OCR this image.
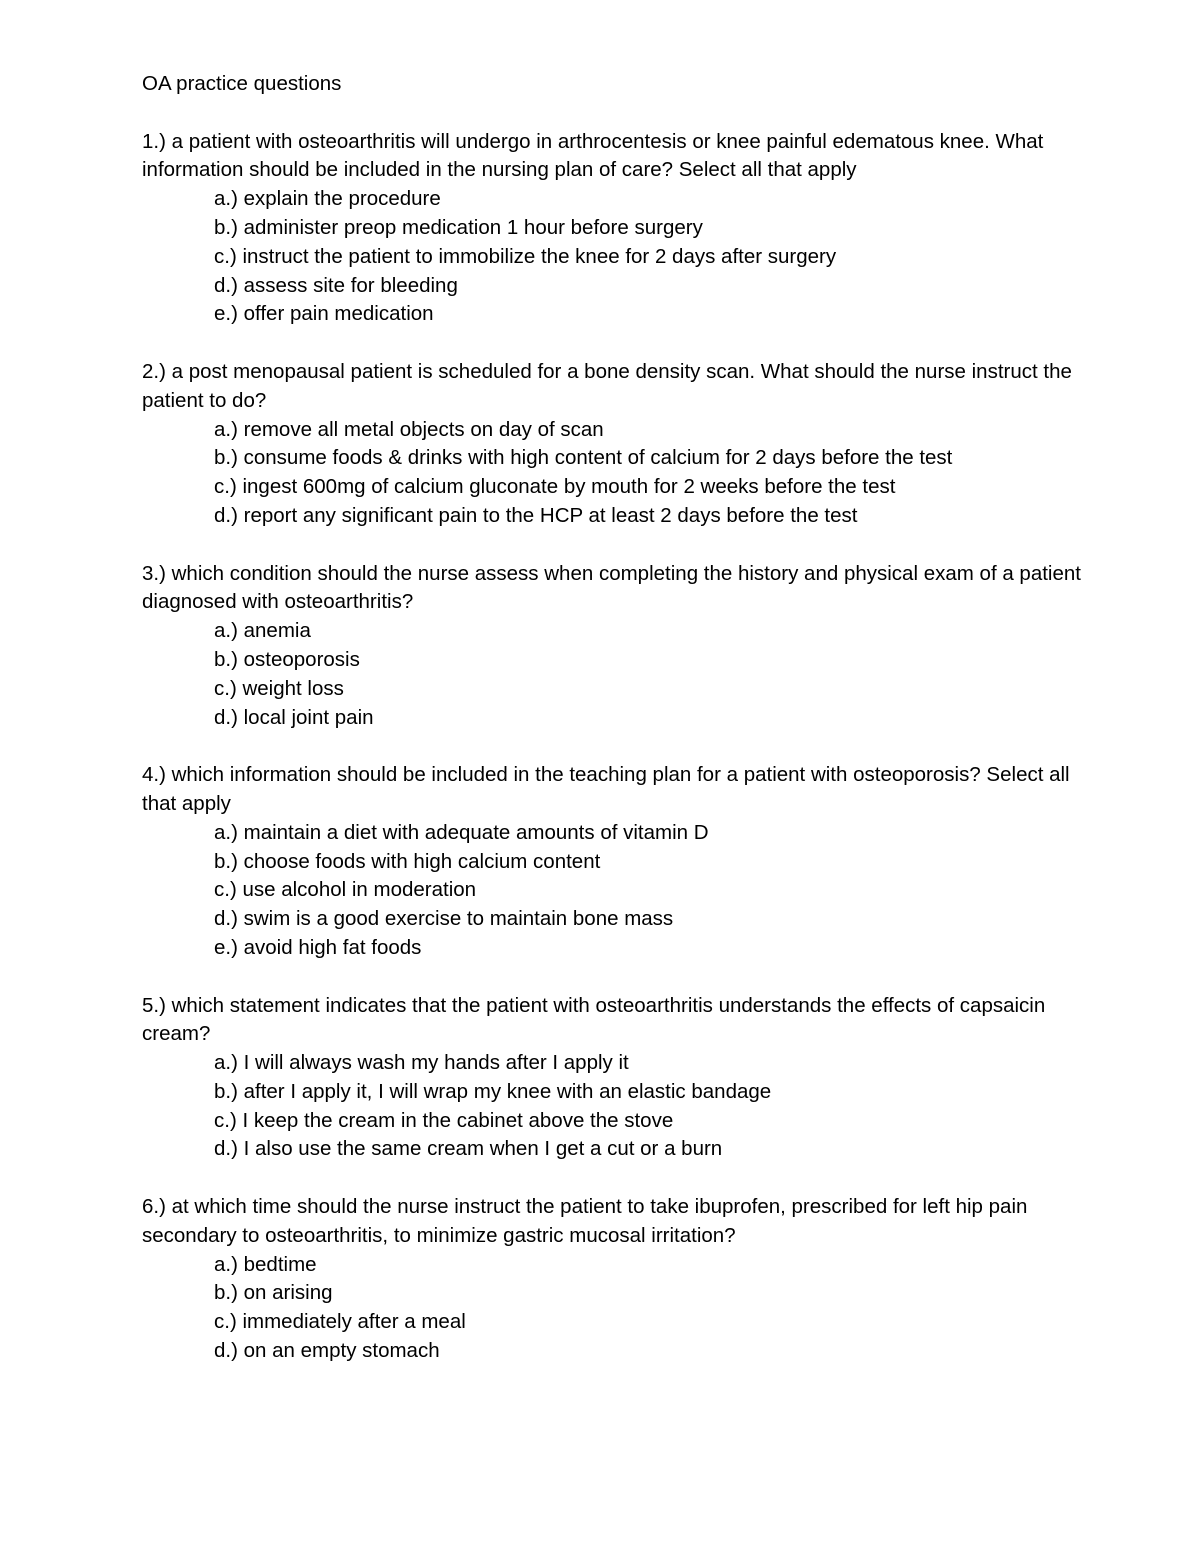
OA practice questions

1.) a patient with osteoarthritis will undergo in arthrocentesis or knee painful edematous knee. What information should be included in the nursing plan of care? Select all that apply

a.) explain the procedure
b.) administer preop medication 1 hour before surgery
c.) instruct the patient to immobilize the knee for 2 days after surgery
d.) assess site for bleeding
e.) offer pain medication

2.) a post menopausal patient is scheduled for a bone density scan. What should the nurse instruct the patient to do?

a.) remove all metal objects on day of scan
b.) consume foods & drinks with high content of calcium for 2 days before the test
c.) ingest 600mg of calcium gluconate by mouth for 2 weeks before the test
d.) report any significant pain to the HCP at least 2 days before the test

3.) which condition should the nurse assess when completing the history and physical exam of a patient diagnosed with osteoarthritis?

a.) anemia
b.) osteoporosis
c.) weight loss
d.) local joint pain

4.) which information should be included in the teaching plan for a patient with osteoporosis? Select all that apply

a.) maintain a diet with adequate amounts of vitamin D
b.) choose foods with high calcium content
c.) use alcohol in moderation
d.) swim is a good exercise to maintain bone mass
e.) avoid high fat foods

5.) which statement indicates that the patient with osteoarthritis understands the effects of capsaicin cream?

a.) I will always wash my hands after I apply it
b.) after I apply it, I will wrap my knee with an elastic bandage
c.) I keep the cream in the cabinet above the stove
d.) I also use the same cream when I get a cut or a burn

6.) at which time should the nurse instruct the patient to take ibuprofen, prescribed for left hip pain secondary to osteoarthritis, to minimize gastric mucosal irritation?

a.) bedtime
b.) on arising
c.) immediately after a meal
d.) on an empty stomach
